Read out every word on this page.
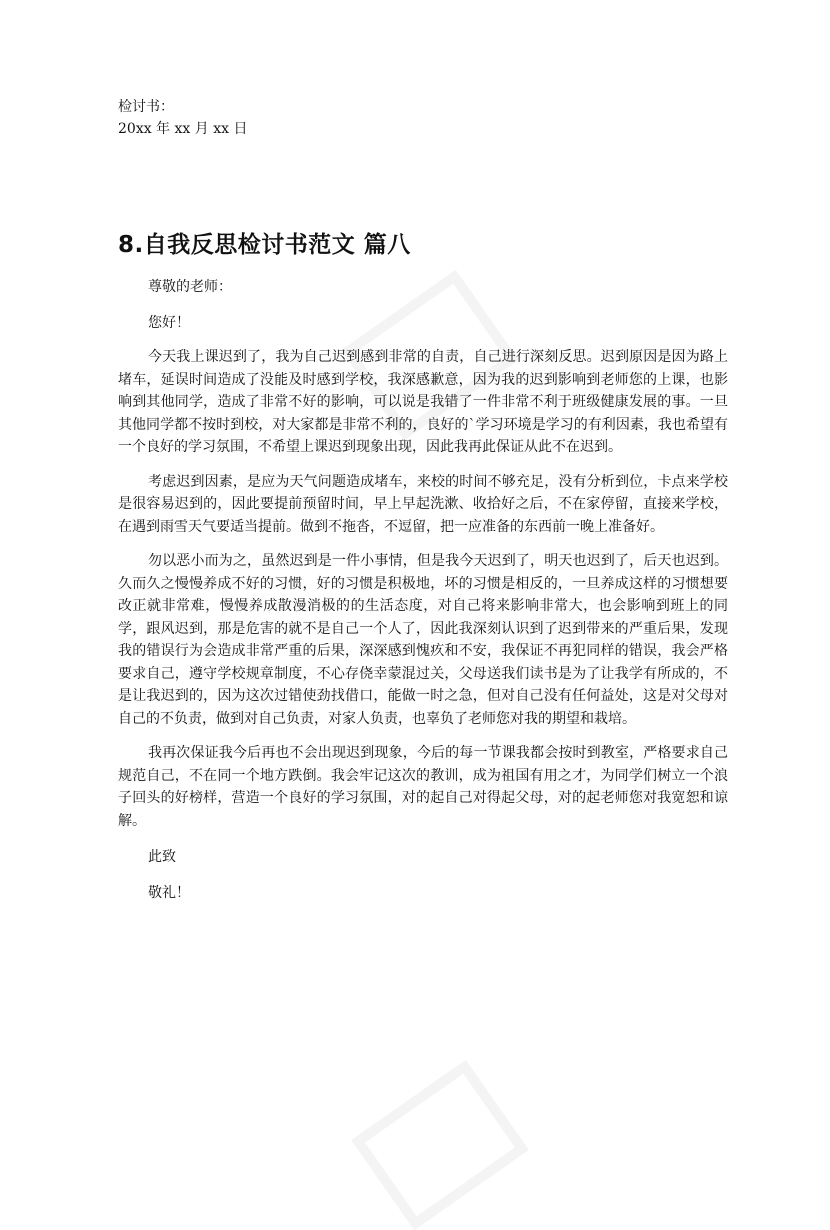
检讨书：

20xx 年 xx 月 xx 日

8.自我反思检讨书范文 篇八

尊敬的老师：

您好！

今天我上课迟到了，我为自己迟到感到非常的自责，自己进行深刻反思。迟到原因是因为路上堵车，延误时间造成了没能及时感到学校，我深感歉意，因为我的迟到影响到老师您的上课，也影响到其他同学，造成了非常不好的影响，可以说是我错了一件非常不利于班级健康发展的事。一旦其他同学都不按时到校，对大家都是非常不利的，良好的`学习环境是学习的有利因素，我也希望有一个良好的学习氛围，不希望上课迟到现象出现，因此我再此保证从此不在迟到。

考虑迟到因素，是应为天气问题造成堵车，来校的时间不够充足，没有分析到位，卡点来学校是很容易迟到的，因此要提前预留时间，早上早起洗漱、收拾好之后，不在家停留，直接来学校，在遇到雨雪天气要适当提前。做到不拖沓，不逗留，把一应准备的东西前一晚上准备好。

勿以恶小而为之，虽然迟到是一件小事情，但是我今天迟到了，明天也迟到了，后天也迟到。久而久之慢慢养成不好的习惯，好的习惯是积极地，坏的习惯是相反的，一旦养成这样的习惯想要改正就非常难，慢慢养成散漫消极的的生活态度，对自己将来影响非常大，也会影响到班上的同学，跟风迟到，那是危害的就不是自己一个人了，因此我深刻认识到了迟到带来的严重后果，发现我的错误行为会造成非常严重的后果，深深感到愧疚和不安，我保证不再犯同样的错误，我会严格要求自己，遵守学校规章制度，不心存侥幸蒙混过关，父母送我们读书是为了让我学有所成的，不是让我迟到的，因为这次过错使劲找借口，能做一时之急，但对自己没有任何益处，这是对父母对自己的不负责，做到对自己负责，对家人负责，也辜负了老师您对我的期望和栽培。

我再次保证我今后再也不会出现迟到现象，今后的每一节课我都会按时到教室，严格要求自己规范自己，不在同一个地方跌倒。我会牢记这次的教训，成为祖国有用之才，为同学们树立一个浪子回头的好榜样，营造一个良好的学习氛围，对的起自己对得起父母，对的起老师您对我宽恕和谅解。

此致

敬礼！
